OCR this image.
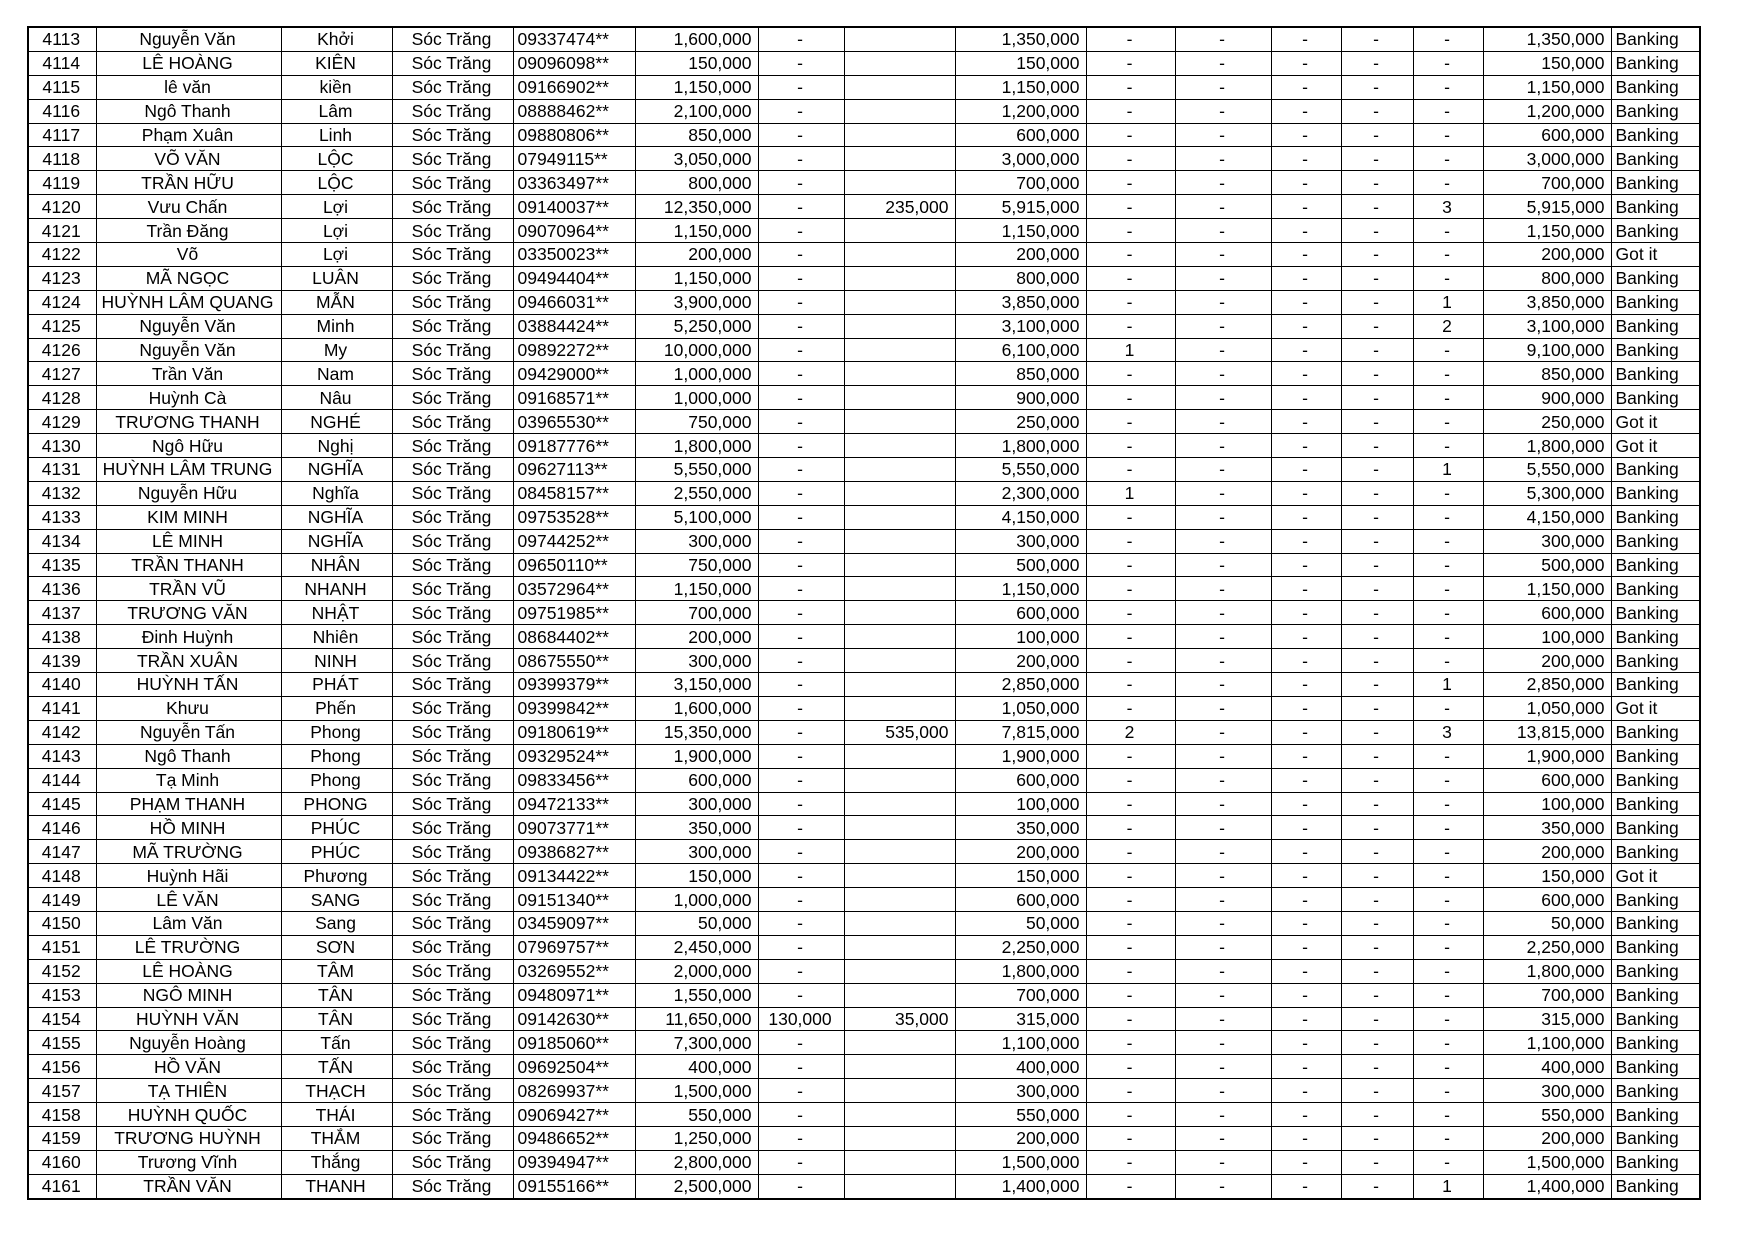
4113	Nguyễn Văn	Khởi	Sóc Trăng	09337474**	1,600,000	-		1,350,000	-	-	-	-	-	1,350,000	Banking
4114	LÊ HOÀNG	KIÊN	Sóc Trăng	09096098**	150,000	-		150,000	-	-	-	-	-	150,000	Banking
4115	lê văn	kiền	Sóc Trăng	09166902**	1,150,000	-		1,150,000	-	-	-	-	-	1,150,000	Banking
4116	Ngô Thanh	Lâm	Sóc Trăng	08888462**	2,100,000	-		1,200,000	-	-	-	-	-	1,200,000	Banking
4117	Phạm Xuân	Linh	Sóc Trăng	09880806**	850,000	-		600,000	-	-	-	-	-	600,000	Banking
4118	VÕ VĂN	LỘC	Sóc Trăng	07949115**	3,050,000	-		3,000,000	-	-	-	-	-	3,000,000	Banking
4119	TRẦN HỮU	LỘC	Sóc Trăng	03363497**	800,000	-		700,000	-	-	-	-	-	700,000	Banking
4120	Vưu Chấn	Lợi	Sóc Trăng	09140037**	12,350,000	-	235,000	5,915,000	-	-	-	-	3	5,915,000	Banking
4121	Trần Đăng	Lợi	Sóc Trăng	09070964**	1,150,000	-		1,150,000	-	-	-	-	-	1,150,000	Banking
4122	Võ	Lợi	Sóc Trăng	03350023**	200,000	-		200,000	-	-	-	-	-	200,000	Got it
4123	MÃ NGỌC	LUÂN	Sóc Trăng	09494404**	1,150,000	-		800,000	-	-	-	-	-	800,000	Banking
4124	HUỲNH LÂM QUANG	MẪN	Sóc Trăng	09466031**	3,900,000	-		3,850,000	-	-	-	-	1	3,850,000	Banking
4125	Nguyễn Văn	Minh	Sóc Trăng	03884424**	5,250,000	-		3,100,000	-	-	-	-	2	3,100,000	Banking
4126	Nguyễn Văn	My	Sóc Trăng	09892272**	10,000,000	-		6,100,000	1	-	-	-	-	9,100,000	Banking
4127	Trần Văn	Nam	Sóc Trăng	09429000**	1,000,000	-		850,000	-	-	-	-	-	850,000	Banking
4128	Huỳnh Cà	Nâu	Sóc Trăng	09168571**	1,000,000	-		900,000	-	-	-	-	-	900,000	Banking
4129	TRƯƠNG THANH	NGHÉ	Sóc Trăng	03965530**	750,000	-		250,000	-	-	-	-	-	250,000	Got it
4130	Ngô Hữu	Nghị	Sóc Trăng	09187776**	1,800,000	-		1,800,000	-	-	-	-	-	1,800,000	Got it
4131	HUỲNH LÂM TRUNG	NGHĨA	Sóc Trăng	09627113**	5,550,000	-		5,550,000	-	-	-	-	1	5,550,000	Banking
4132	Nguyễn Hữu	Nghĩa	Sóc Trăng	08458157**	2,550,000	-		2,300,000	1	-	-	-	-	5,300,000	Banking
4133	KIM MINH	NGHĨA	Sóc Trăng	09753528**	5,100,000	-		4,150,000	-	-	-	-	-	4,150,000	Banking
4134	LÊ MINH	NGHĨA	Sóc Trăng	09744252**	300,000	-		300,000	-	-	-	-	-	300,000	Banking
4135	TRẦN THANH	NHÂN	Sóc Trăng	09650110**	750,000	-		500,000	-	-	-	-	-	500,000	Banking
4136	TRẦN VŨ	NHANH	Sóc Trăng	03572964**	1,150,000	-		1,150,000	-	-	-	-	-	1,150,000	Banking
4137	TRƯƠNG VĂN	NHẬT	Sóc Trăng	09751985**	700,000	-		600,000	-	-	-	-	-	600,000	Banking
4138	Đinh Huỳnh	Nhiên	Sóc Trăng	08684402**	200,000	-		100,000	-	-	-	-	-	100,000	Banking
4139	TRẦN XUÂN	NINH	Sóc Trăng	08675550**	300,000	-		200,000	-	-	-	-	-	200,000	Banking
4140	HUỲNH TẤN	PHÁT	Sóc Trăng	09399379**	3,150,000	-		2,850,000	-	-	-	-	1	2,850,000	Banking
4141	Khưu	Phến	Sóc Trăng	09399842**	1,600,000	-		1,050,000	-	-	-	-	-	1,050,000	Got it
4142	Nguyễn Tấn	Phong	Sóc Trăng	09180619**	15,350,000	-	535,000	7,815,000	2	-	-	-	3	13,815,000	Banking
4143	Ngô Thanh	Phong	Sóc Trăng	09329524**	1,900,000	-		1,900,000	-	-	-	-	-	1,900,000	Banking
4144	Tạ Minh	Phong	Sóc Trăng	09833456**	600,000	-		600,000	-	-	-	-	-	600,000	Banking
4145	PHẠM THANH	PHONG	Sóc Trăng	09472133**	300,000	-		100,000	-	-	-	-	-	100,000	Banking
4146	HỒ MINH	PHÚC	Sóc Trăng	09073771**	350,000	-		350,000	-	-	-	-	-	350,000	Banking
4147	MÃ TRƯỜNG	PHÚC	Sóc Trăng	09386827**	300,000	-		200,000	-	-	-	-	-	200,000	Banking
4148	Huỳnh Hãi	Phương	Sóc Trăng	09134422**	150,000	-		150,000	-	-	-	-	-	150,000	Got it
4149	LÊ VĂN	SANG	Sóc Trăng	09151340**	1,000,000	-		600,000	-	-	-	-	-	600,000	Banking
4150	Lâm Văn	Sang	Sóc Trăng	03459097**	50,000	-		50,000	-	-	-	-	-	50,000	Banking
4151	LÊ TRƯỜNG	SƠN	Sóc Trăng	07969757**	2,450,000	-		2,250,000	-	-	-	-	-	2,250,000	Banking
4152	LÊ HOÀNG	TÂM	Sóc Trăng	03269552**	2,000,000	-		1,800,000	-	-	-	-	-	1,800,000	Banking
4153	NGÔ MINH	TÂN	Sóc Trăng	09480971**	1,550,000	-		700,000	-	-	-	-	-	700,000	Banking
4154	HUỲNH VĂN	TÂN	Sóc Trăng	09142630**	11,650,000	130,000	35,000	315,000	-	-	-	-	-	315,000	Banking
4155	Nguyễn Hoàng	Tấn	Sóc Trăng	09185060**	7,300,000	-		1,100,000	-	-	-	-	-	1,100,000	Banking
4156	HỒ VĂN	TẤN	Sóc Trăng	09692504**	400,000	-		400,000	-	-	-	-	-	400,000	Banking
4157	TẠ THIÊN	THẠCH	Sóc Trăng	08269937**	1,500,000	-		300,000	-	-	-	-	-	300,000	Banking
4158	HUỲNH QUỐC	THÁI	Sóc Trăng	09069427**	550,000	-		550,000	-	-	-	-	-	550,000	Banking
4159	TRƯƠNG HUỲNH	THẮM	Sóc Trăng	09486652**	1,250,000	-		200,000	-	-	-	-	-	200,000	Banking
4160	Trương Vĩnh	Thắng	Sóc Trăng	09394947**	2,800,000	-		1,500,000	-	-	-	-	-	1,500,000	Banking
4161	TRẦN VĂN	THANH	Sóc Trăng	09155166**	2,500,000	-		1,400,000	-	-	-	-	1	1,400,000	Banking
